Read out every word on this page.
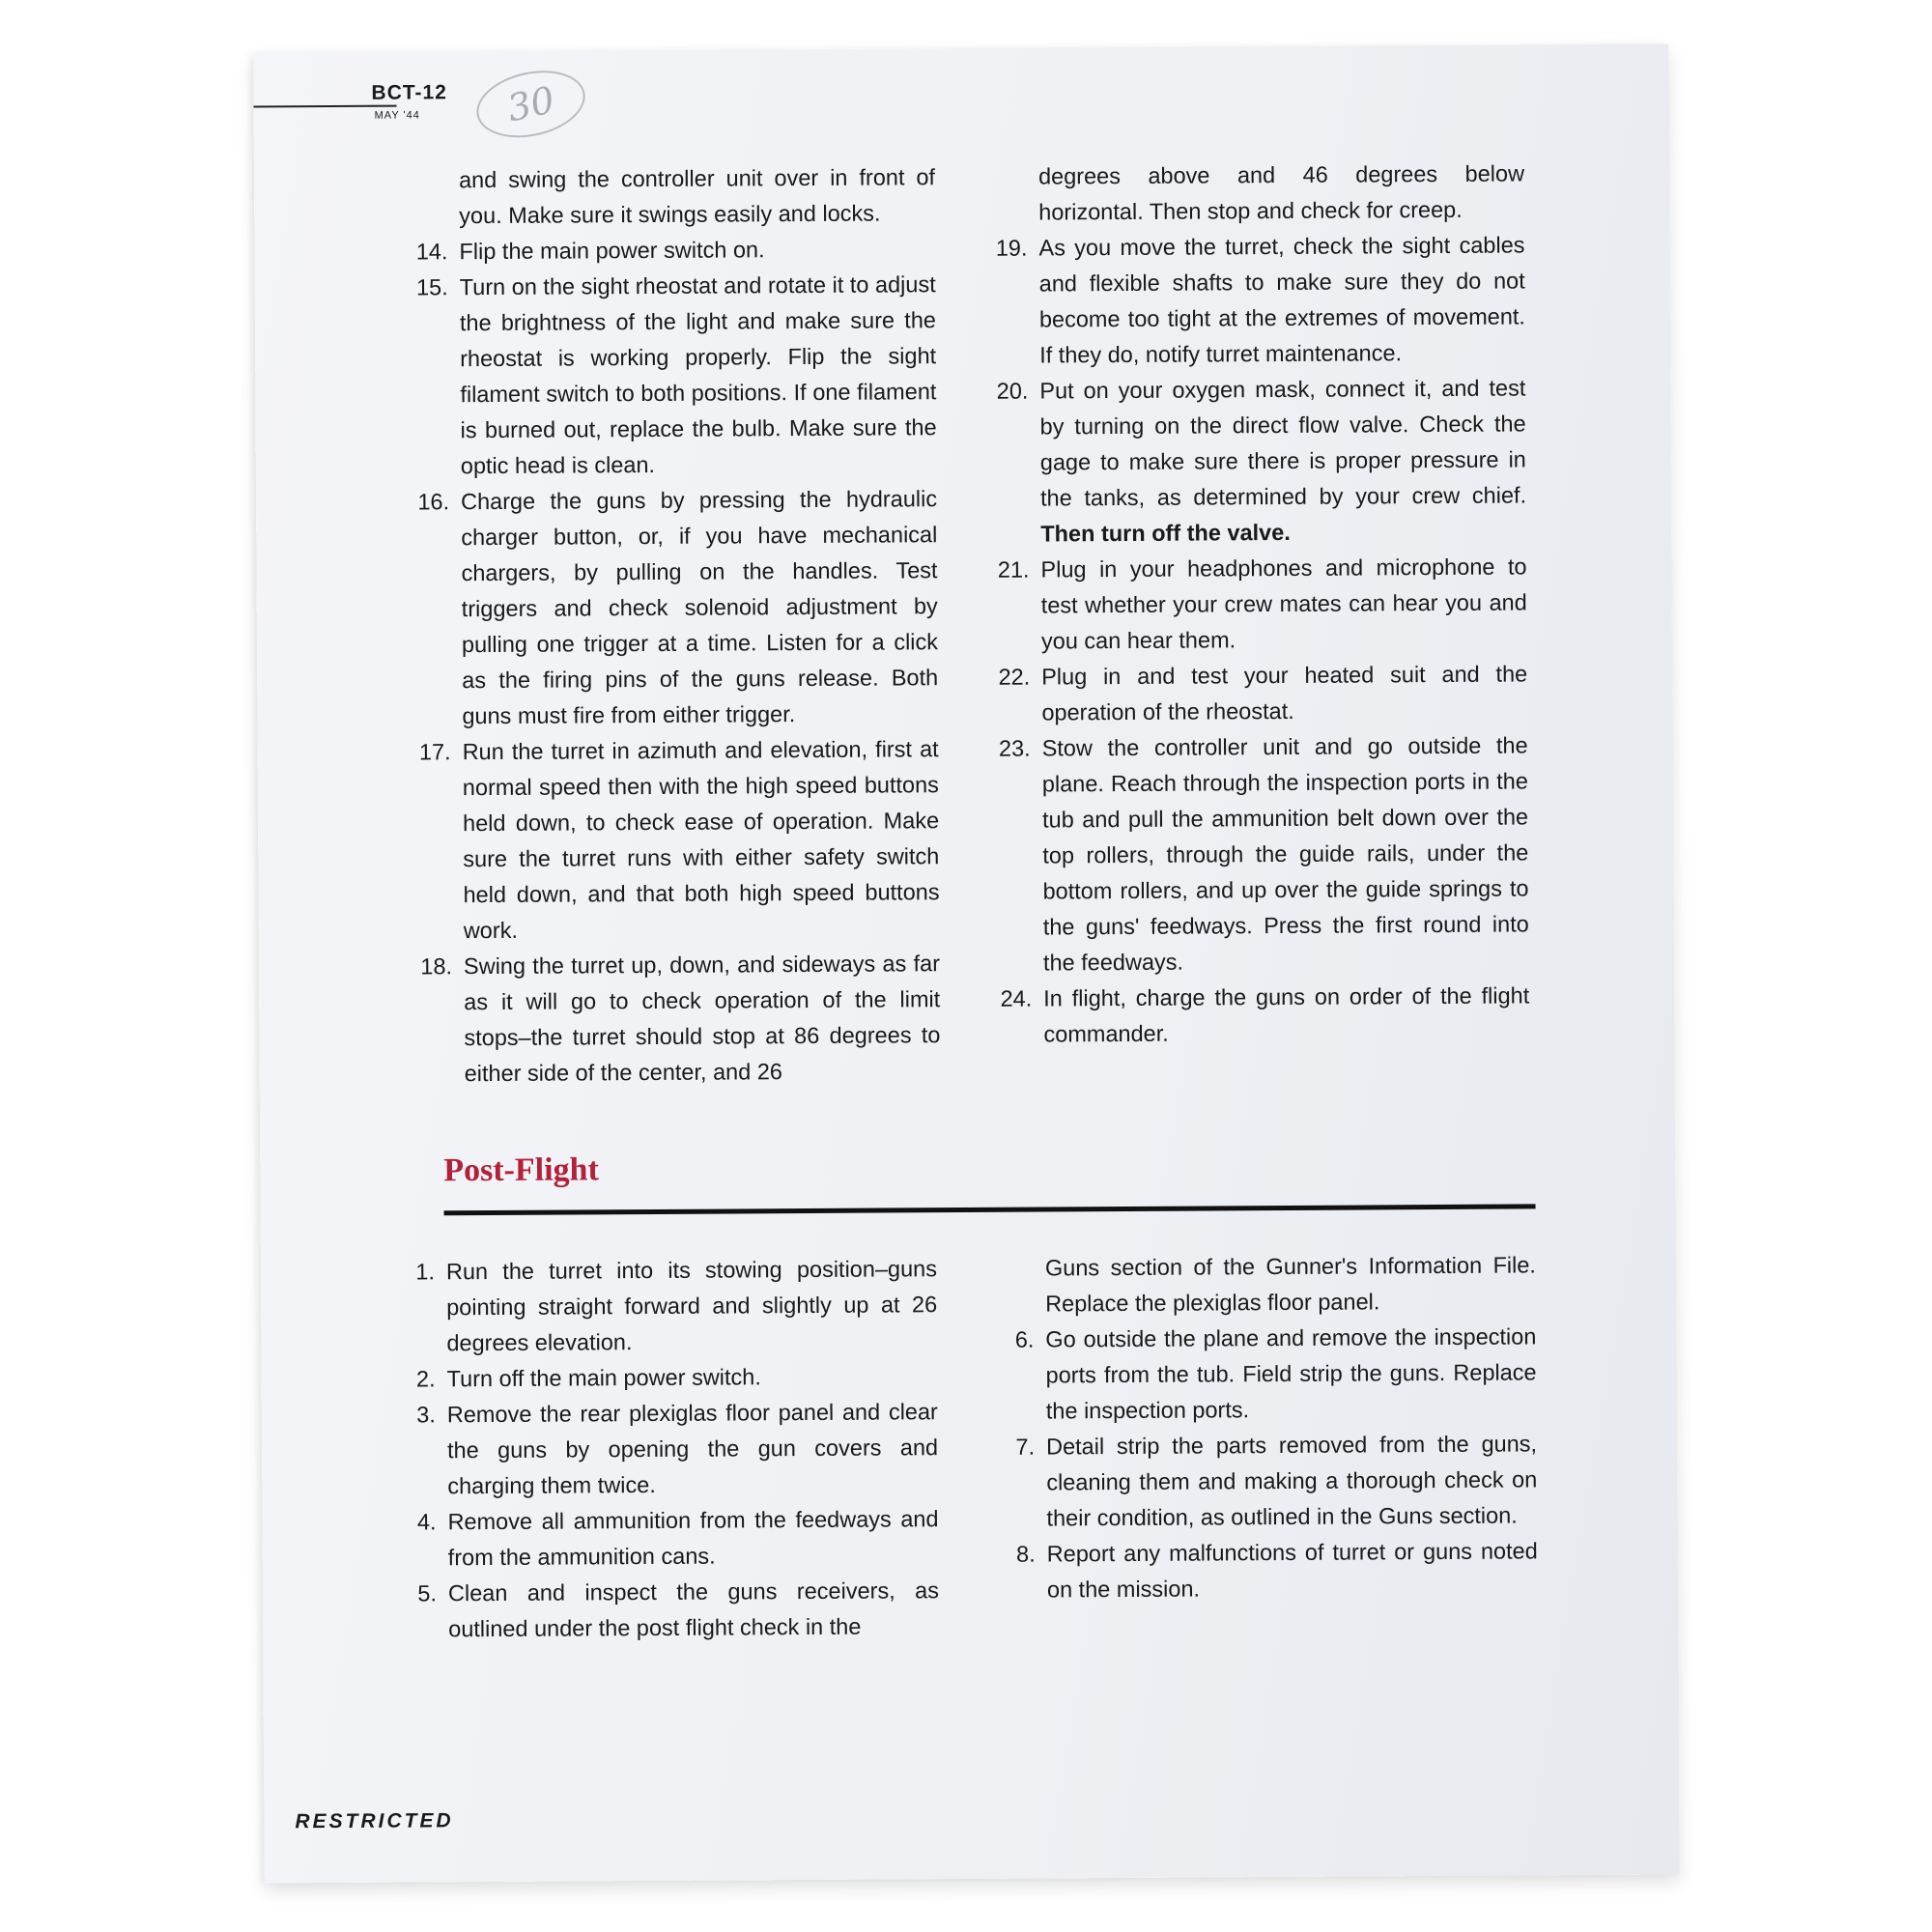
BCT-12
MAY '44	30

and swing the controller unit over in front of you. Make sure it swings easily and locks.

14. Flip the main power switch on.

15. Turn on the sight rheostat and rotate it to adjust the brightness of the light and make sure the rheostat is working properly. Flip the sight filament switch to both positions. If one filament is burned out, replace the bulb. Make sure the optic head is clean.

16. Charge the guns by pressing the hydraulic charger button, or, if you have mechanical chargers, by pulling on the handles. Test triggers and check solenoid adjustment by pulling one trigger at a time. Listen for a click as the firing pins of the guns release. Both guns must fire from either trigger.

17. Run the turret in azimuth and elevation, first at normal speed then with the high speed buttons held down, to check ease of operation. Make sure the turret runs with either safety switch held down, and that both high speed buttons work.

18. Swing the turret up, down, and sideways as far as it will go to check operation of the limit stops–the turret should stop at 86 degrees to either side of the center, and 26

degrees above and 46 degrees below horizontal. Then stop and check for creep.

19. As you move the turret, check the sight cables and flexible shafts to make sure they do not become too tight at the extremes of movement. If they do, notify turret maintenance.

20. Put on your oxygen mask, connect it, and test by turning on the direct flow valve. Check the gage to make sure there is proper pressure in the tanks, as determined by your crew chief. Then turn off the valve.

21. Plug in your headphones and microphone to test whether your crew mates can hear you and you can hear them.

22. Plug in and test your heated suit and the operation of the rheostat.

23. Stow the controller unit and go outside the plane. Reach through the inspection ports in the tub and pull the ammunition belt down over the top rollers, through the guide rails, under the bottom rollers, and up over the guide springs to the guns' feedways. Press the first round into the feedways.

24. In flight, charge the guns on order of the flight commander.

Post-Flight

1. Run the turret into its stowing position–guns pointing straight forward and slightly up at 26 degrees elevation.

2. Turn off the main power switch.

3. Remove the rear plexiglas floor panel and clear the guns by opening the gun covers and charging them twice.

4. Remove all ammunition from the feedways and from the ammunition cans.

5. Clean and inspect the guns receivers, as outlined under the post flight check in the

Guns section of the Gunner's Information File. Replace the plexiglas floor panel.

6. Go outside the plane and remove the inspection ports from the tub. Field strip the guns. Replace the inspection ports.

7. Detail strip the parts removed from the guns, cleaning them and making a thorough check on their condition, as outlined in the Guns section.

8. Report any malfunctions of turret or guns noted on the mission.

RESTRICTED
